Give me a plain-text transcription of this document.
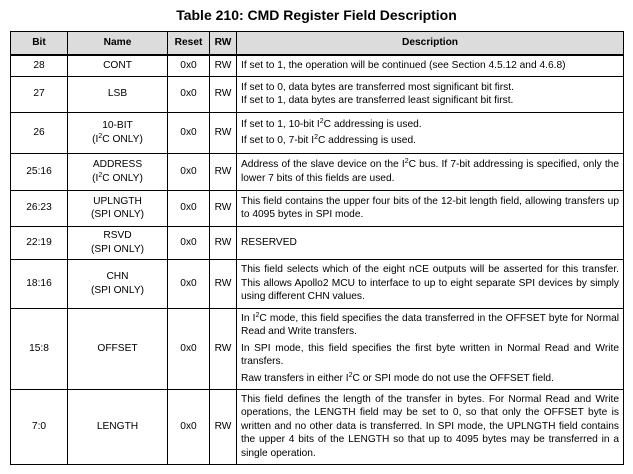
Table 210: CMD Register Field Description
Bit	Name	Reset	RW	Description
28	CONT	0x0	RW	If set to 1, the operation will be continued (see Section 4.5.12 and 4.6.8)

27	LSB	0x0	RW	If set to 0, data bytes are transferred most significant bit first.
If set to 1, data bytes are transferred least significant bit first.

26	10-BIT
($I^2C$ ONLY)	0x0	RW	If set to 1, 10-bit $I^2C$ addressing is used.
If set to 0, 7-bit $I^2C$ addressing is used.

25:16	ADDRESS
($I^2C$ ONLY)	0x0	RW	Address of the slave device on the $I^2C$ bus. If 7-bit addressing is specified, only the lower 7 bits of this fields are used.

26:23	UPLNGTH
(SPI ONLY)	0x0	RW	This field contains the upper four bits of the 12-bit length field, allowing transfers up to 4095 bytes in SPI mode.

22:19	RSVD
(SPI ONLY)	0x0	RW	RESERVED

18:16	CHN
(SPI ONLY)	0x0	RW	This field selects which of the eight nCE outputs will be asserted for this transfer. This allows Apollo2 MCU to interface to up to eight separate SPI devices by simply using different CHN values.

15:8	OFFSET	0x0	RW	In $I^2C$ mode, this field specifies the data transferred in the OFFSET byte for Normal Read and Write transfers.
In SPI mode, this field specifies the first byte written in Normal Read and Write transfers.
Raw transfers in either $I^2C$ or SPI mode do not use the OFFSET field.

7:0	LENGTH	0x0	RW	This field defines the length of the transfer in bytes. For Normal Read and Write operations, the LENGTH field may be set to 0, so that only the OFFSET byte is written and no other data is transferred. In SPI mode, the UPLNGTH field contains the upper 4 bits of the LENGTH so that up to 4095 bytes may be transferred in a single operation.
